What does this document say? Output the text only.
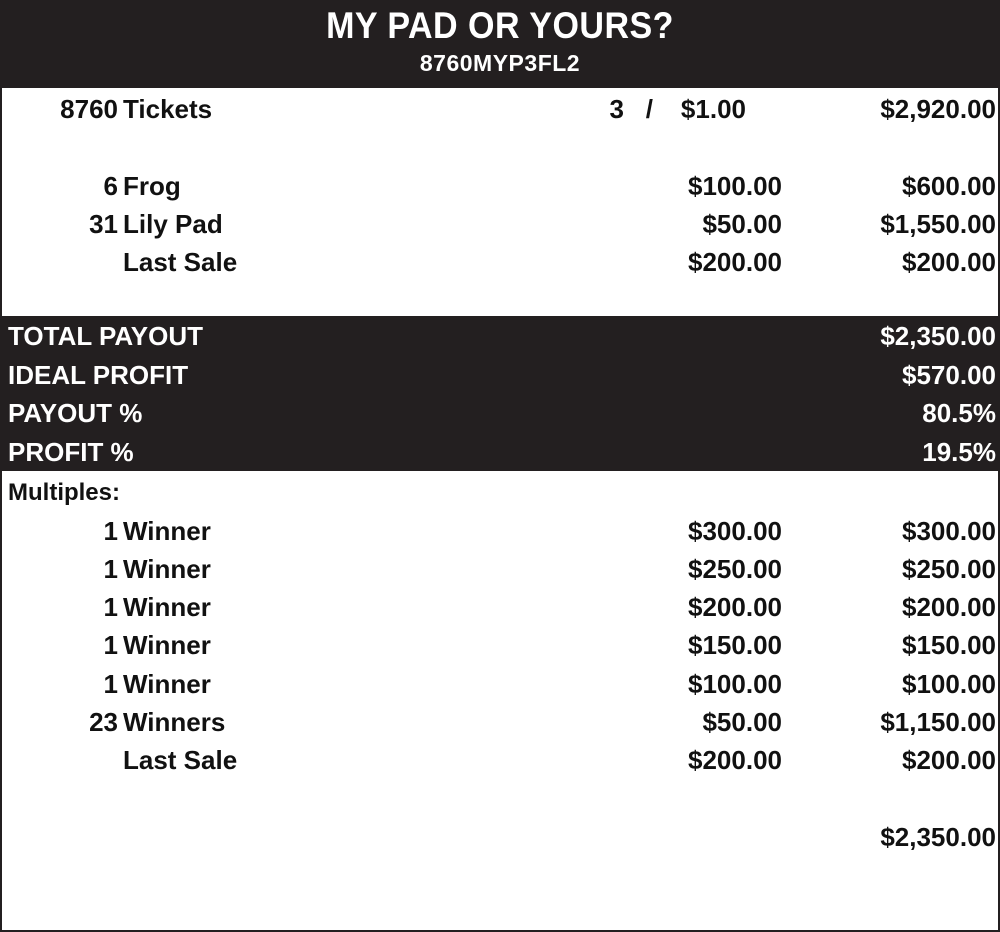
MY PAD OR YOURS?
8760MYP3FL2
8760 Tickets	3 / $1.00	$2,920.00
6 Frog	$100.00	$600.00
31 Lily Pad	$50.00	$1,550.00
Last Sale	$200.00	$200.00
TOTAL PAYOUT	$2,350.00
IDEAL PROFIT	$570.00
PAYOUT %	80.5%
PROFIT %	19.5%
Multiples:
1 Winner	$300.00	$300.00
1 Winner	$250.00	$250.00
1 Winner	$200.00	$200.00
1 Winner	$150.00	$150.00
1 Winner	$100.00	$100.00
23 Winners	$50.00	$1,150.00
Last Sale	$200.00	$200.00
$2,350.00
